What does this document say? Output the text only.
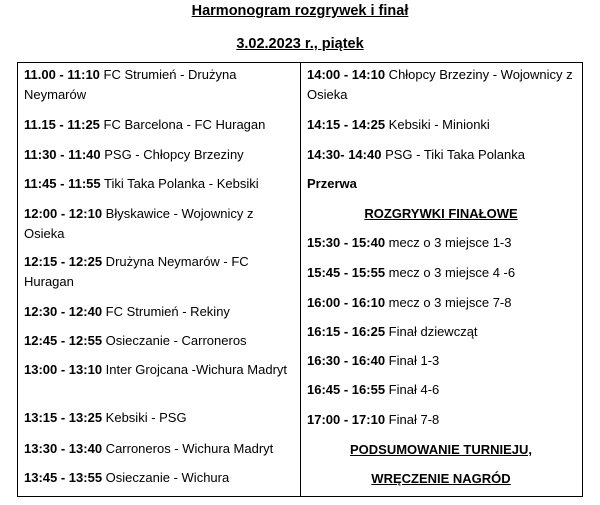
Harmonogram rozgrywek i finał
3.02.2023 r., piątek
11.00 - 11:10 FC Strumień - Drużyna Neymarów
11.15 - 11:25 FC Barcelona - FC Huragan
11:30 - 11:40 PSG - Chłopcy Brzeziny
11:45 - 11:55 Tiki Taka Polanka - Kebsiki
12:00 - 12:10 Błyskawice - Wojownicy z Osieka
12:15 - 12:25 Drużyna Neymarów - FC Huragan
12:30 - 12:40 FC Strumień - Rekiny
12:45 - 12:55 Osieczanie - Carroneros
13:00 - 13:10 Inter Grojcana -Wichura Madryt
13:15 - 13:25 Kebsiki - PSG
13:30 - 13:40 Carroneros - Wichura Madryt
13:45 - 13:55 Osieczanie - Wichura
14:00 - 14:10 Chłopcy Brzeziny - Wojownicy z Osieka
14:15 - 14:25 Kebsiki - Minionki
14:30- 14:40 PSG - Tiki Taka Polanka
Przerwa
ROZGRYWKI FINAŁOWE
15:30 - 15:40 mecz o 3 miejsce 1-3
15:45 - 15:55 mecz o 3 miejsce 4 -6
16:00 - 16:10 mecz o 3 miejsce 7-8
16:15 - 16:25 Finał dziewcząt
16:30 - 16:40 Finał 1-3
16:45 - 16:55 Finał 4-6
17:00 - 17:10 Finał 7-8
PODSUMOWANIE TURNIEJU,
WRĘCZENIE NAGRÓD
